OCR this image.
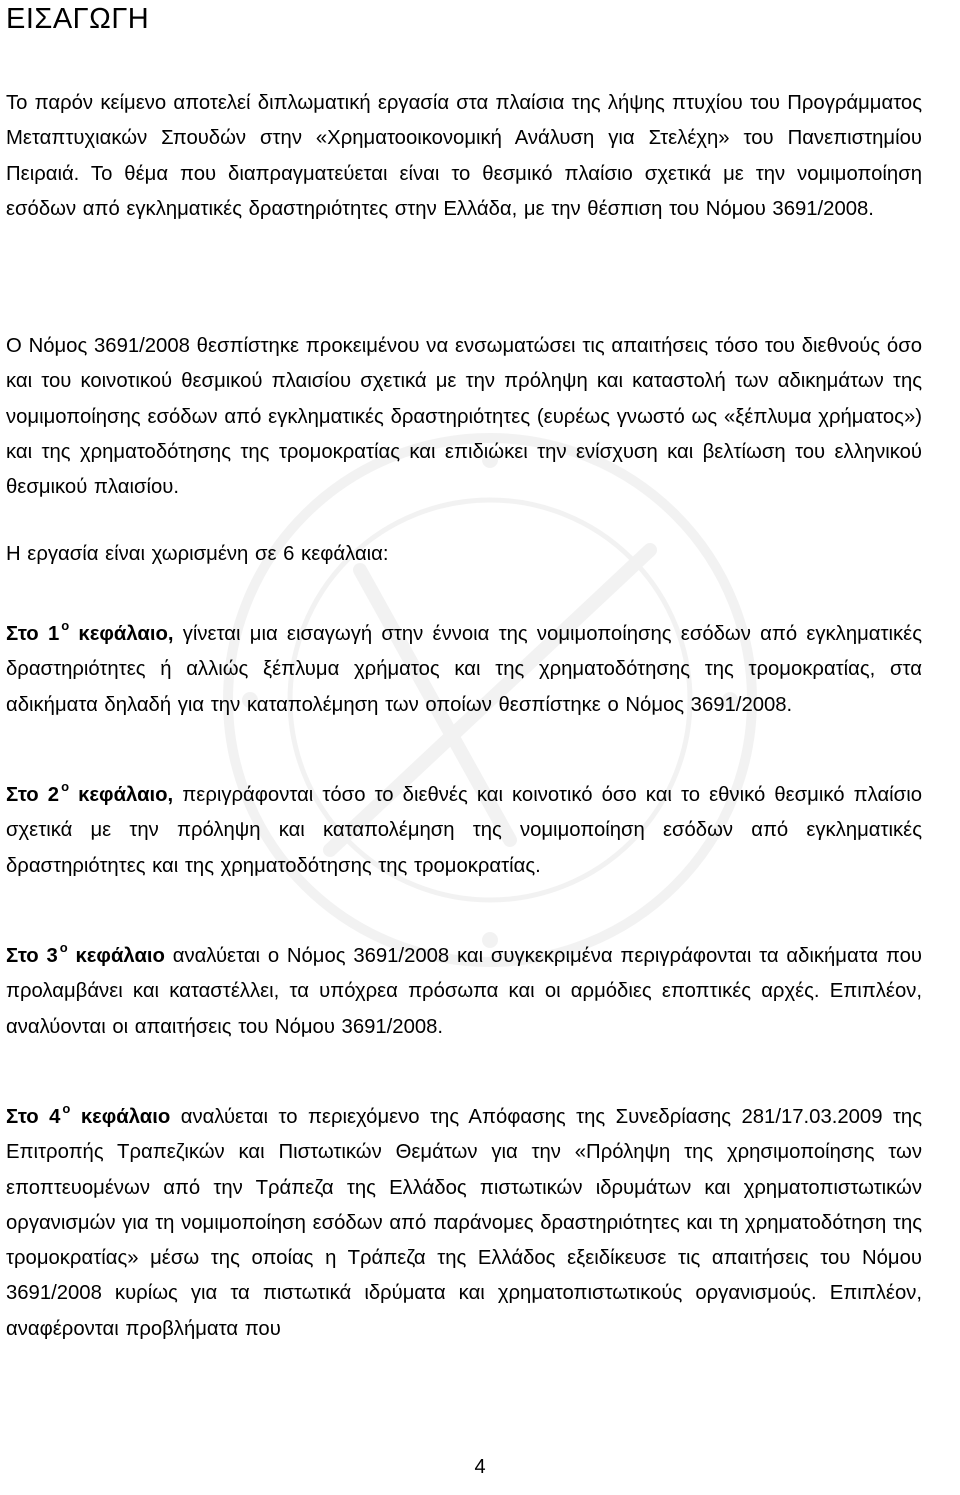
ΕΙΣΑΓΩΓΗ

Το παρόν κείμενο αποτελεί διπλωματική εργασία στα πλαίσια της λήψης πτυχίου του Προγράμματος Μεταπτυχιακών Σπουδών στην «Χρηματοοικονομική Ανάλυση για Στελέχη» του Πανεπιστημίου Πειραιά. Το θέμα που διαπραγματεύεται είναι το θεσμικό πλαίσιο σχετικά με την νομιμοποίηση εσόδων από εγκληματικές δραστηριότητες στην Ελλάδα, με την θέσπιση του Νόμου 3691/2008.

Ο Νόμος 3691/2008 θεσπίστηκε προκειμένου να ενσωματώσει τις απαιτήσεις τόσο του διεθνούς όσο και του κοινοτικού θεσμικού πλαισίου σχετικά με την πρόληψη και καταστολή των αδικημάτων της νομιμοποίησης εσόδων από εγκληματικές δραστηριότητες (ευρέως γνωστό ως «ξέπλυμα χρήματος») και της χρηματοδότησης της τρομοκρατίας και επιδιώκει την ενίσχυση και βελτίωση του ελληνικού θεσμικού πλαισίου.

Η εργασία είναι χωρισμένη σε 6 κεφάλαια:

Στο 1 $^o$ κεφάλαιο, γίνεται μια εισαγωγή στην έννοια της νομιμοποίησης εσόδων από εγκληματικές δραστηριότητες ή αλλιώς ξέπλυμα χρήματος και της χρηματοδότησης της τρομοκρατίας, στα αδικήματα δηλαδή για την καταπολέμηση των οποίων θεσπίστηκε ο Νόμος 3691/2008.

Στο 2 $^o$ κεφάλαιο, περιγράφονται τόσο το διεθνές και κοινοτικό όσο και το εθνικό θεσμικό πλαίσιο σχετικά με την πρόληψη και καταπολέμηση της νομιμοποίηση εσόδων από εγκληματικές δραστηριότητες και της χρηματοδότησης της τρομοκρατίας.

Στο 3 $^o$ κεφάλαιο αναλύεται ο Νόμος 3691/2008 και συγκεκριμένα περιγράφονται τα αδικήματα που προλαμβάνει και καταστέλλει, τα υπόχρεα πρόσωπα και οι αρμόδιες εποπτικές αρχές. Επιπλέον, αναλύονται οι απαιτήσεις του Νόμου 3691/2008.

Στο 4 $^o$ κεφάλαιο αναλύεται το περιεχόμενο της Απόφασης της Συνεδρίασης 281/17.03.2009 της Επιτροπής Τραπεζικών και Πιστωτικών Θεμάτων για την «Πρόληψη της χρησιμοποίησης των εποπτευομένων από την Τράπεζα της Ελλάδος πιστωτικών ιδρυμάτων και χρηματοπιστωτικών οργανισμών για τη νομιμοποίηση εσόδων από παράνομες δραστηριότητες και τη χρηματοδότηση της τρομοκρατίας» μέσω της οποίας η Τράπεζα της Ελλάδος εξειδίκευσε τις απαιτήσεις του Νόμου 3691/2008 κυρίως για τα πιστωτικά ιδρύματα και χρηματοπιστωτικούς οργανισμούς. Επιπλέον, αναφέρονται προβλήματα που

4
